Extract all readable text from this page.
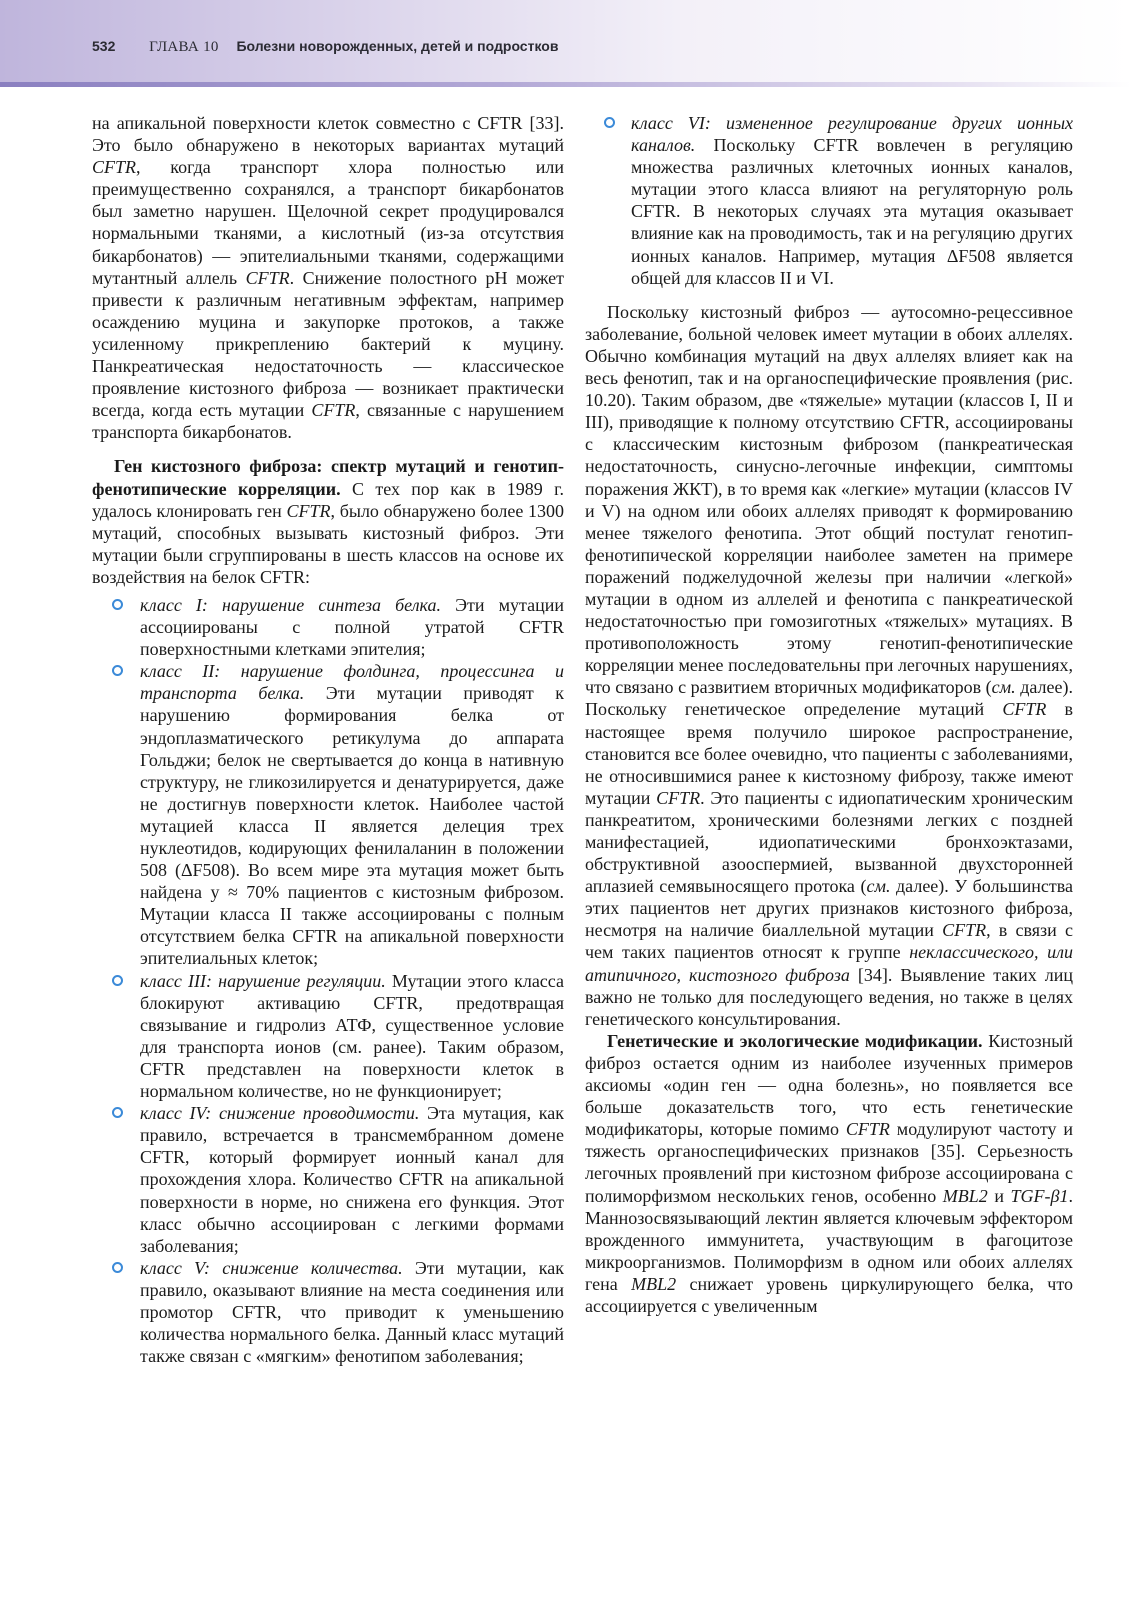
532 ГЛАВА 10 Болезни новорожденных, детей и подростков

на апикальной поверхности клеток совместно с CFTR [33]. Это было обнаружено в некоторых вариантах мутаций CFTR, когда транспорт хлора полностью или преимущественно сохранялся, а транспорт бикарбонатов был заметно нарушен. Щелочной секрет продуцировался нормальными тканями, а кислотный (из-за отсутствия бикарбонатов) — эпителиальными тканями, содержащими мутантный аллель CFTR. Снижение полостного pH может привести к различным негативным эффектам, например осаждению муцина и закупорке протоков, а также усиленному прикреплению бактерий к муцину. Панкреатическая недостаточность — классическое проявление кистозного фиброза — возникает практически всегда, когда есть мутации CFTR, связанные с нарушением транспорта бикарбонатов.

Ген кистозного фиброза: спектр мутаций и генотип-фенотипические корреляции. С тех пор как в 1989 г. удалось клонировать ген CFTR, было обнаружено более 1300 мутаций, способных вызывать кистозный фиброз. Эти мутации были сгруппированы в шесть классов на основе их воздействия на белок CFTR:

класс I: нарушение синтеза белка. Эти мутации ассоциированы с полной утратой CFTR поверхностными клетками эпителия;
класс II: нарушение фолдинга, процессинга и транспорта белка. Эти мутации приводят к нарушению формирования белка от эндоплазматического ретикулума до аппарата Гольджи; белок не свертывается до конца в нативную структуру, не гликозилируется и денатурируется, даже не достигнув поверхности клеток. Наиболее частой мутацией класса II является делеция трех нуклеотидов, кодирующих фенилаланин в положении 508 (ΔF508). Во всем мире эта мутация может быть найдена у ≈ 70% пациентов с кистозным фиброзом. Мутации класса II также ассоциированы с полным отсутствием белка CFTR на апикальной поверхности эпителиальных клеток;
класс III: нарушение регуляции. Мутации этого класса блокируют активацию CFTR, предотвращая связывание и гидролиз АТФ, существенное условие для транспорта ионов (см. ранее). Таким образом, CFTR представлен на поверхности клеток в нормальном количестве, но не функционирует;
класс IV: снижение проводимости. Эта мутация, как правило, встречается в трансмембранном домене CFTR, который формирует ионный канал для прохождения хлора. Количество CFTR на апикальной поверхности в норме, но снижена его функция. Этот класс обычно ассоциирован с легкими формами заболевания;
класс V: снижение количества. Эти мутации, как правило, оказывают влияние на места соединения или промотор CFTR, что приводит к уменьшению количества нормального белка. Данный класс мутаций также связан с «мягким» фенотипом заболевания;
класс VI: измененное регулирование других ионных каналов. Поскольку CFTR вовлечен в регуляцию множества различных клеточных ионных каналов, мутации этого класса влияют на регуляторную роль CFTR. В некоторых случаях эта мутация оказывает влияние как на проводимость, так и на регуляцию других ионных каналов. Например, мутация ΔF508 является общей для классов II и VI.

Поскольку кистозный фиброз — аутосомно-рецессивное заболевание, больной человек имеет мутации в обоих аллелях. Обычно комбинация мутаций на двух аллелях влияет как на весь фенотип, так и на органоспецифические проявления (рис. 10.20). Таким образом, две «тяжелые» мутации (классов I, II и III), приводящие к полному отсутствию CFTR, ассоциированы с классическим кистозным фиброзом (панкреатическая недостаточность, синусно-легочные инфекции, симптомы поражения ЖКТ), в то время как «легкие» мутации (классов IV и V) на одном или обоих аллелях приводят к формированию менее тяжелого фенотипа. Этот общий постулат генотип-фенотипической корреляции наиболее заметен на примере поражений поджелудочной железы при наличии «легкой» мутации в одном из аллелей и фенотипа с панкреатической недостаточностью при гомозиготных «тяжелых» мутациях. В противоположность этому генотип-фенотипические корреляции менее последовательны при легочных нарушениях, что связано с развитием вторичных модификаторов (см. далее). Поскольку генетическое определение мутаций CFTR в настоящее время получило широкое распространение, становится все более очевидно, что пациенты с заболеваниями, не относившимися ранее к кистозному фиброзу, также имеют мутации CFTR. Это пациенты с идиопатическим хроническим панкреатитом, хроническими болезнями легких с поздней манифестацией, идиопатическими бронхоэктазами, обструктивной азооспермией, вызванной двухсторонней аплазией семявыносящего протока (см. далее). У большинства этих пациентов нет других признаков кистозного фиброза, несмотря на наличие биаллельной мутации CFTR, в связи с чем таких пациентов относят к группе неклассического, или атипичного, кистозного фиброза [34]. Выявление таких лиц важно не только для последующего ведения, но также в целях генетического консультирования.

Генетические и экологические модификации. Кистозный фиброз остается одним из наиболее изученных примеров аксиомы «один ген — одна болезнь», но появляется все больше доказательств того, что есть генетические модификаторы, которые помимо CFTR модулируют частоту и тяжесть органоспецифических признаков [35]. Серьезность легочных проявлений при кистозном фиброзе ассоциирована с полиморфизмом нескольких генов, особенно MBL2 и TGF-β1. Маннозосвязывающий лектин является ключевым эффектором врожденного иммунитета, участвующим в фагоцитозе микроорганизмов. Полиморфизм в одном или обоих аллелях гена MBL2 снижает уровень циркулирующего белка, что ассоциируется с увеличенным
